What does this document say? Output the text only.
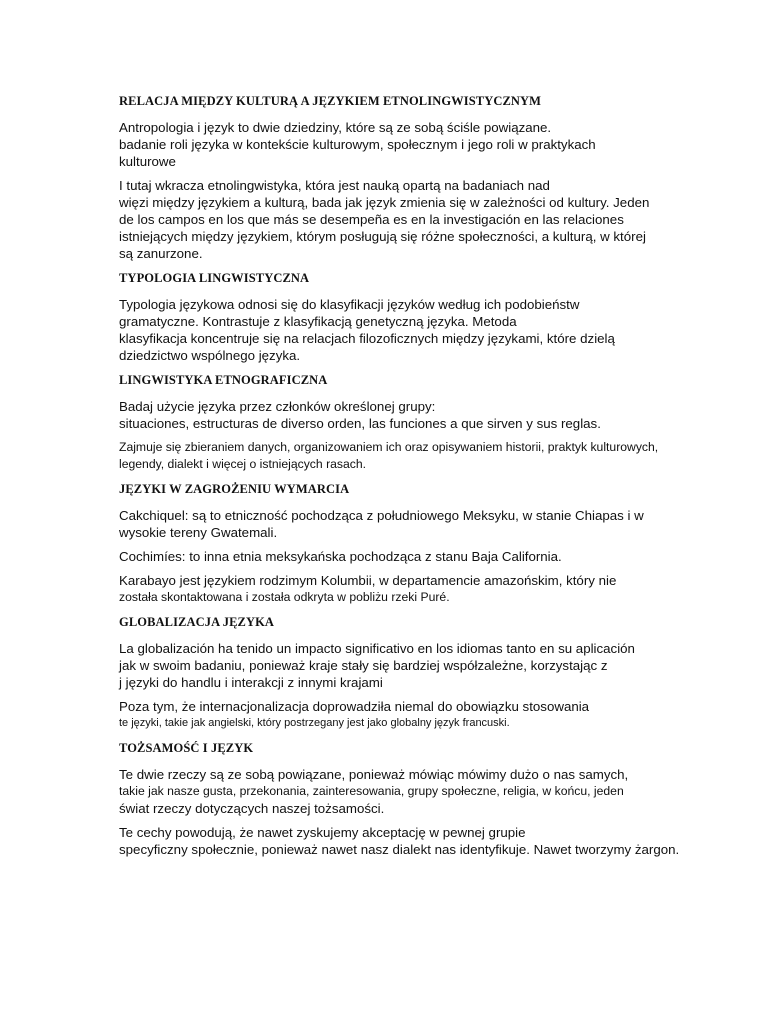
RELACJA MIĘDZY KULTURĄ A JĘZYKIEM ETNOLINGWISTYCZNYM
Antropologia i język to dwie dziedziny, które są ze sobą ściśle powiązane.
badanie roli języka w kontekście kulturowym, społecznym i jego roli w praktykach
kulturowe
I tutaj wkracza etnolingwistyka, która jest nauką opartą na badaniach nad
więzi między językiem a kulturą, bada jak język zmienia się w zależności od kultury. Jeden
de los campos en los que más se desempeña es en la investigación en las relaciones
istniejących między językiem, którym posługują się różne społeczności, a kulturą, w której
są zanurzone.
TYPOLOGIA LINGWISTYCZNA
Typologia językowa odnosi się do klasyfikacji języków według ich podobieństw
gramatyczne. Kontrastuje z klasyfikacją genetyczną języka. Metoda
klasyfikacja koncentruje się na relacjach filozoficznych między językami, które dzielą
dziedzictwo wspólnego języka.
LINGWISTYKA ETNOGRAFICZNA
Badaj użycie języka przez członków określonej grupy:
situaciones, estructuras de diverso orden, las funciones a que sirven y sus reglas.
Zajmuje się zbieraniem danych, organizowaniem ich oraz opisywaniem historii, praktyk kulturowych,
legendy, dialekt i więcej o istniejących rasach.
JĘZYKI W ZAGROŻENIU WYMARCIA
Cakchiquel: są to etniczność pochodząca z południowego Meksyku, w stanie Chiapas i w
wysokie tereny Gwatemali.
Cochimíes: to inna etnia meksykańska pochodząca z stanu Baja California.
Karabayo jest językiem rodzimym Kolumbii, w departamencie amazońskim, który nie
została skontaktowana i została odkryta w pobliżu rzeki Puré.
GLOBALIZACJA JĘZYKA
La globalización ha tenido un impacto significativo en los idiomas tanto en su aplicación
jak w swoim badaniu, ponieważ kraje stały się bardziej współzależne, korzystając z
j języki do handlu i interakcji z innymi krajami
Poza tym, że internacjonalizacja doprowadziła niemal do obowiązku stosowania
te języki, takie jak angielski, który postrzegany jest jako globalny język francuski.
TOŻSAMOŚĆ I JĘZYK
Te dwie rzeczy są ze sobą powiązane, ponieważ mówiąc mówimy dużo o nas samych,
takie jak nasze gusta, przekonania, zainteresowania, grupy społeczne, religia, w końcu, jeden
świat rzeczy dotyczących naszej tożsamości.
Te cechy powodują, że nawet zyskujemy akceptację w pewnej grupie
specyficzny społecznie, ponieważ nawet nasz dialekt nas identyfikuje. Nawet tworzymy żargon.
